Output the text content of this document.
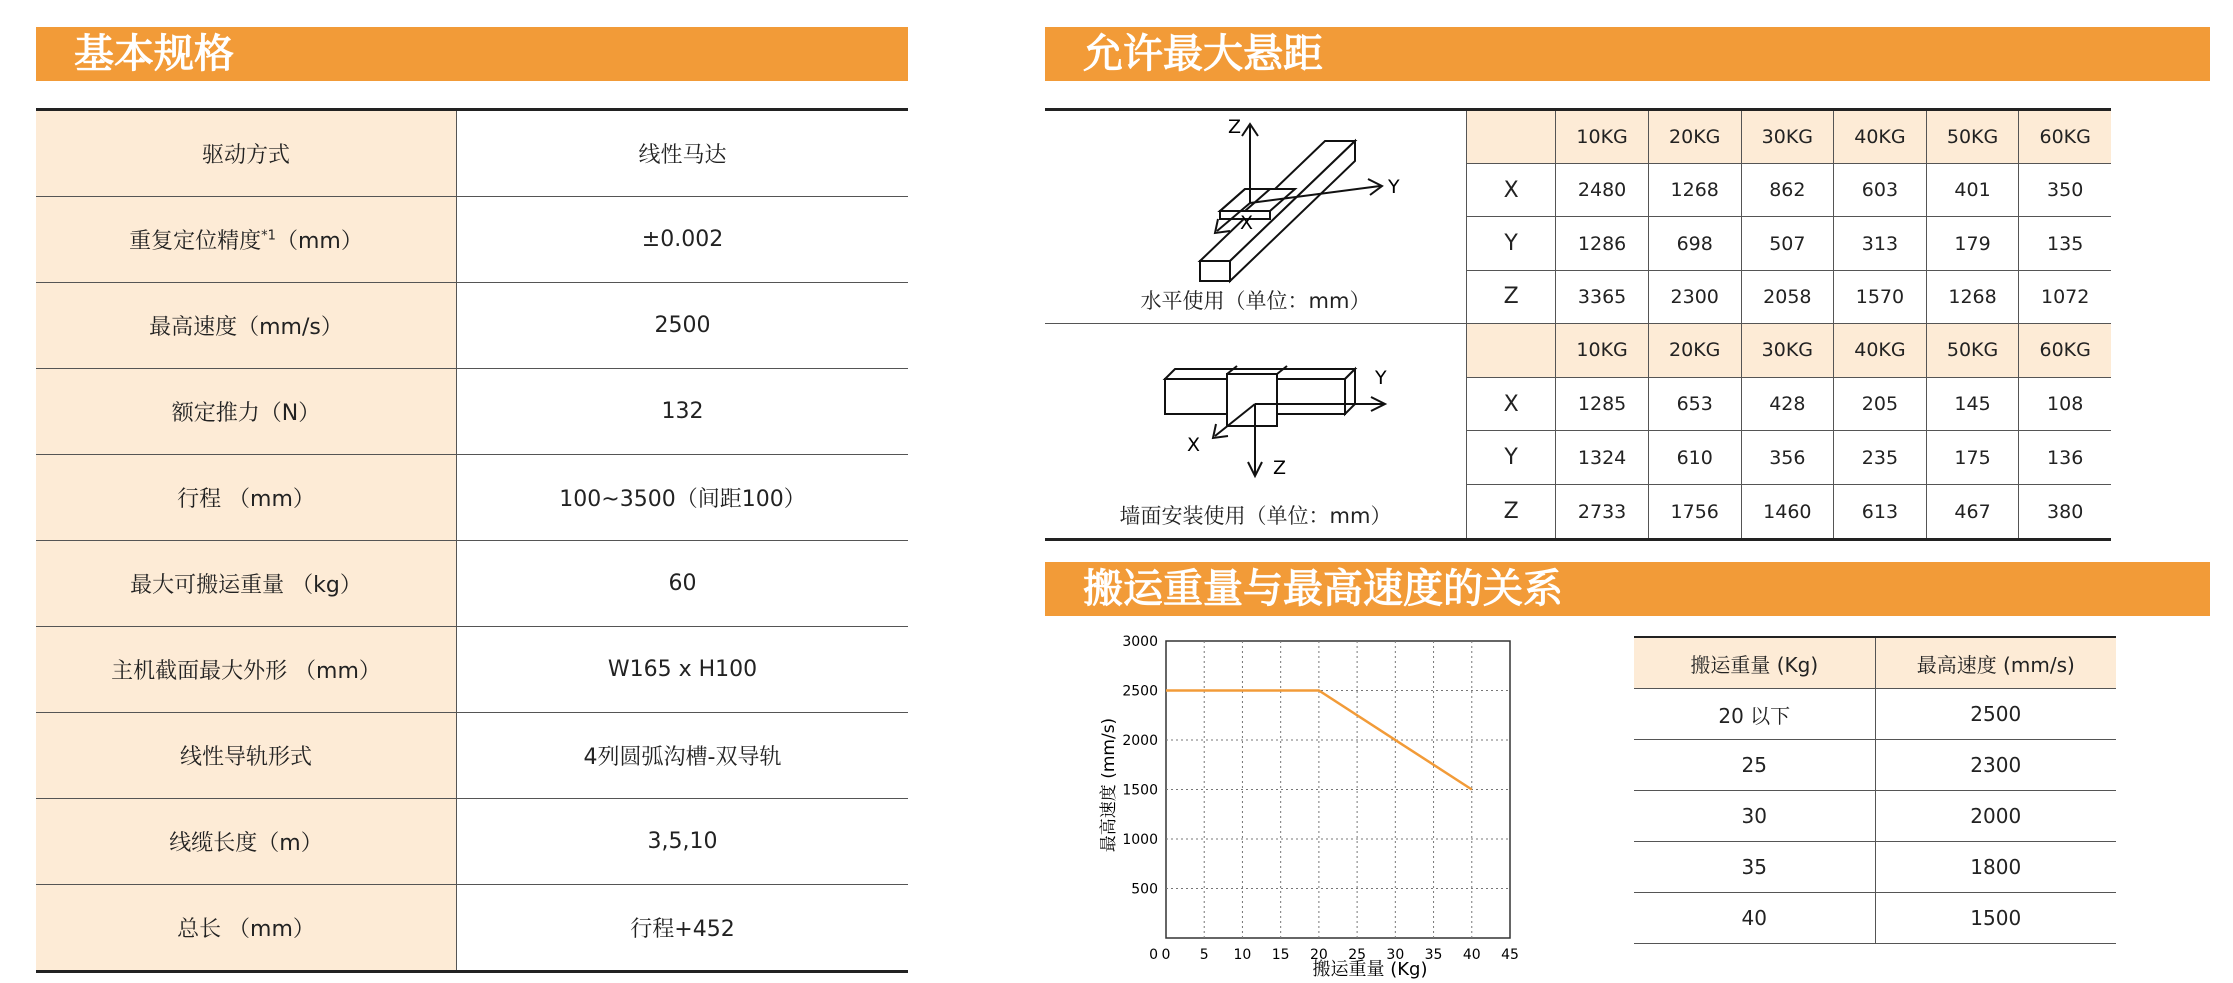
基本规格
驱动方式	线性马达
重复定位精度$^{*1}$（mm）	±0.002
最高速度（mm/s）	2500
额定推力（N）	132
行程 （mm）	100~3500（间距100）
最大可搬运重量 （kg）	60
主机截面最大外形 （mm）	W165 x H100
线性导轨形式	4列圆弧沟槽-双导轨
线缆长度（m）	3,5,10
总长 （mm）	行程+452
允许最大悬距
Z
Y
X
水平使用（单位：mm）
	10KG	20KG	30KG	40KG	50KG	60KG
X	2480	1268	862	603	401	350
Y	1286	698	507	313	179	135
Z	3365	2300	2058	1570	1268	1072
Y
Z
X
墙面安装使用（单位：mm）
	10KG	20KG	30KG	40KG	50KG	60KG
X	1285	653	428	205	145	108
Y	1324	610	356	235	175	136
Z	2733	1756	1460	613	467	380
搬运重量与最高速度的关系
0 5 10 15 20 25 30 35 40 45
500
1000
1500
2000
2500
3000
0
搬运重量 (Kg)
最高速度 (mm/s)
搬运重量 (Kg)	最高速度 (mm/s)
20 以下	2500
25	2300
30	2000
35	1800
40	1500
